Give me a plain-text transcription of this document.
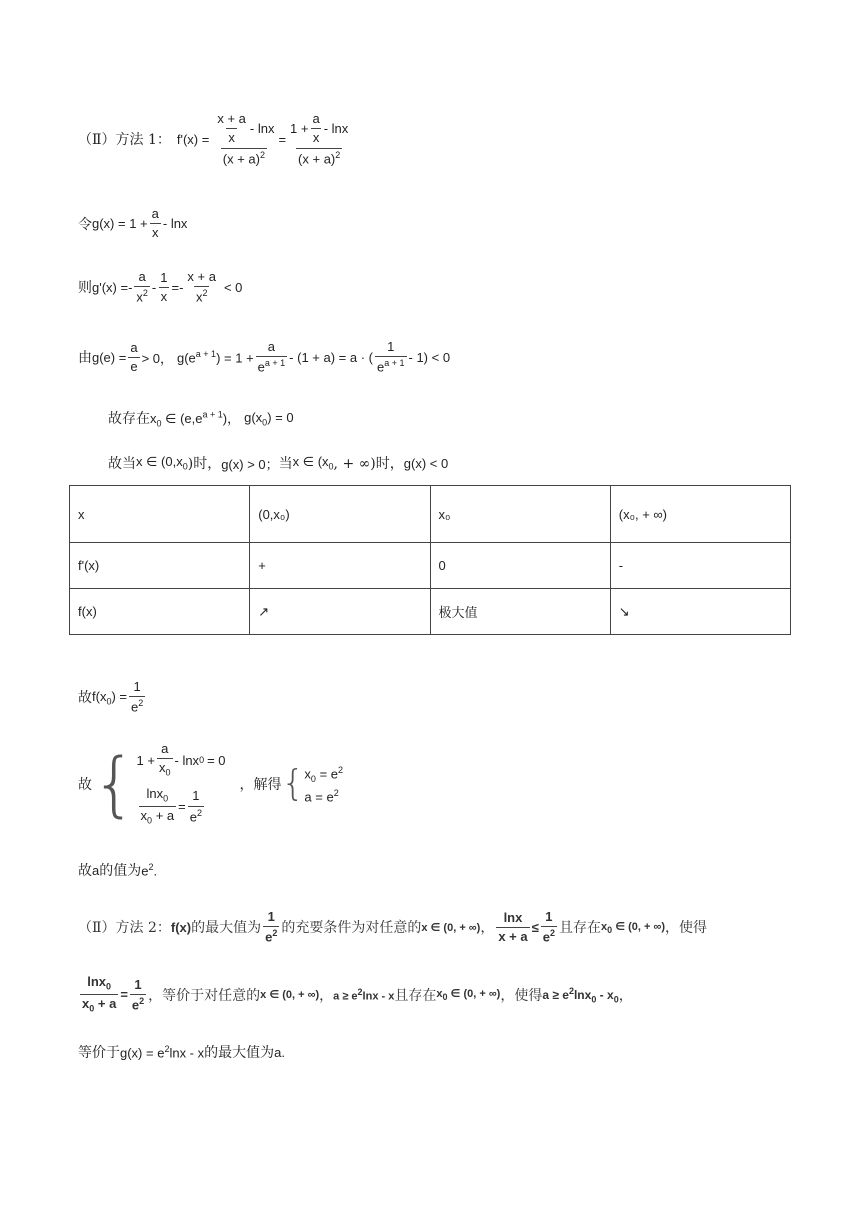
（Ⅱ）方法 1： $f'(x) = \frac{\frac{x + a}{x} - \ln x}{(x + a)^2} = \frac{1 + \frac{a}{x} - \ln x}{(x + a)^2}$
令 $g(x) = 1 + \frac{a}{x} - \ln x$
则 $g'(x) =- \frac{a}{x^2} - \frac{1}{x} =- \frac{x + a}{x^2} < 0$
由 $g(e) = \frac{a}{e} > 0$， $g(e^{a + 1}) = 1 + \frac{a}{e^{a + 1}} - (1 + a) = a$ · ( $\frac{1}{e^{a + 1}} - 1) < 0$
故存在 $x_0$ ∈ $(e,e^{a + 1})$， $g(x_0) = 0$
故当 x ∈ ($0,x_0$ )时， g(x) > 0； 当 x ∈ ($x_0$ , + ∞)时， g(x) < 0
x	(0,x₀)	x₀	(x₀, + ∞)
f'(x)	+	0	-
f(x)	↗	极大值	↘
故 $f(x_0) = \frac{1}{e^2}$
故 { $1 + \frac{a}{x_0} - \ln x$ 0 = 0
$\frac{\ln x_0}{x_0 + a} = \frac{1}{e^2}$
，解得 { $x_0 = e^2$
$a = e^2$
故 a 的值为 $e^2$.
（Ⅱ）方法 2： f(x) 的最大值为 $\frac{1}{e^2}$ 的充要条件为对任意的 x ∈ (0, + ∞) ， $\frac{\ln x}{x + a} \le \frac{1}{e^2}$ 且存在 $x_0$ ∈ (0, + ∞) ，使得
$\frac{\ln x_0}{x_0 + a} = \frac{1}{e^2}$ ，等价于对任意的 x ∈ (0, + ∞) ， $a \ge e^2\ln x - x$ 且存在 $x_0$ ∈ (0, + ∞) ，使得 $a \ge e^2\ln x_0 - x_0$ ，
等价于 $g(x) = e^2\ln x - x$ 的最大值为 a.
